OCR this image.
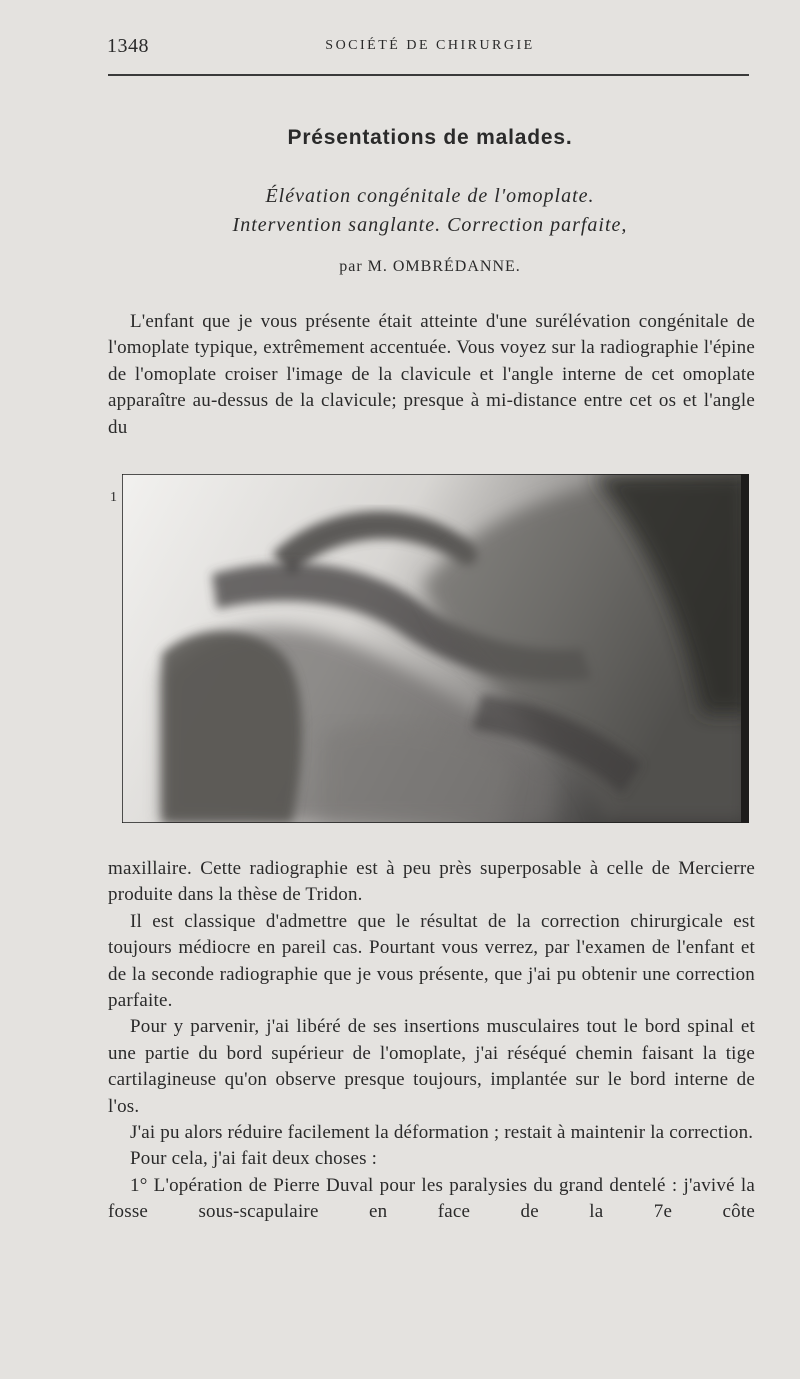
1348	SOCIÉTÉ DE CHIRURGIE
Présentations de malades.
Élévation congénitale de l'omoplate.
Intervention sanglante. Correction parfaite,
par M. OMBRÉDANNE.

L'enfant que je vous présente était atteinte d'une surélévation congénitale de l'omoplate typique, extrêmement accentuée. Vous voyez sur la radiographie l'épine de l'omoplate croiser l'image de la clavicule et l'angle interne de cet omoplate apparaître au-dessus de la clavicule; presque à mi-distance entre cet os et l'angle du

1

maxillaire. Cette radiographie est à peu près superposable à celle de Mercierre produite dans la thèse de Tridon.

Il est classique d'admettre que le résultat de la correction chirurgicale est toujours médiocre en pareil cas. Pourtant vous verrez, par l'examen de l'enfant et de la seconde radiographie que je vous présente, que j'ai pu obtenir une correction parfaite.

Pour y parvenir, j'ai libéré de ses insertions musculaires tout le bord spinal et une partie du bord supérieur de l'omoplate, j'ai réséqué chemin faisant la tige cartilagineuse qu'on observe presque toujours, implantée sur le bord interne de l'os.

J'ai pu alors réduire facilement la déformation ; restait à maintenir la correction.

Pour cela, j'ai fait deux choses :

1° L'opération de Pierre Duval pour les paralysies du grand dentelé : j'avivé la fosse sous-scapulaire en face de la 7e côte
